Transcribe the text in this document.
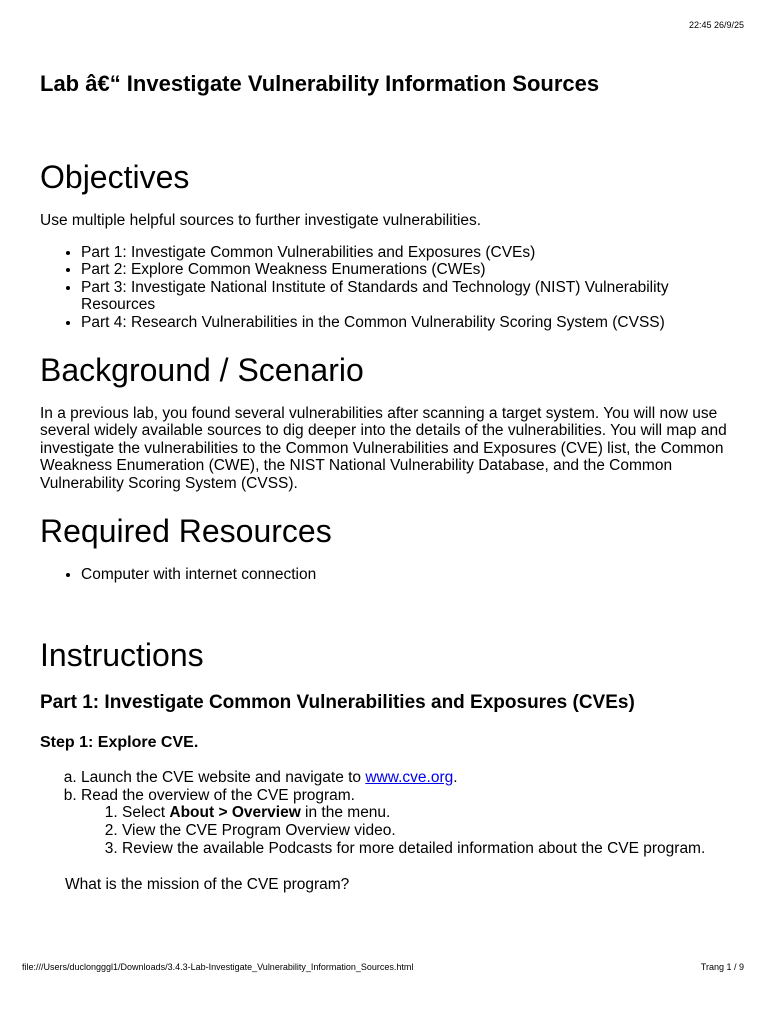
22:45 26/9/25
Lab â€“ Investigate Vulnerability Information Sources
Objectives

Use multiple helpful sources to further investigate vulnerabilities.

• Part 1: Investigate Common Vulnerabilities and Exposures (CVEs)
• Part 2: Explore Common Weakness Enumerations (CWEs)
• Part 3: Investigate National Institute of Standards and Technology (NIST) Vulnerability Resources
• Part 4: Research Vulnerabilities in the Common Vulnerability Scoring System (CVSS)
Background / Scenario

In a previous lab, you found several vulnerabilities after scanning a target system. You will now use several widely available sources to dig deeper into the details of the vulnerabilities. You will map and investigate the vulnerabilities to the Common Vulnerabilities and Exposures (CVE) list, the Common Weakness Enumeration (CWE), the NIST National Vulnerability Database, and the Common Vulnerability Scoring System (CVSS).

Required Resources
• Computer with internet connection
Instructions
Part 1: Investigate Common Vulnerabilities and Exposures (CVEs)
Step 1: Explore CVE.
a. Launch the CVE website and navigate to www.cve.org.
b. Read the overview of the CVE program.
1. Select About > Overview in the menu.
2. View the CVE Program Overview video.
3. Review the available Podcasts for more detailed information about the CVE program.

What is the mission of the CVE program?

file:///Users/duclongggl1/Downloads/3.4.3-Lab-Investigate_Vulnerability_Information_Sources.html	Trang 1 / 9
